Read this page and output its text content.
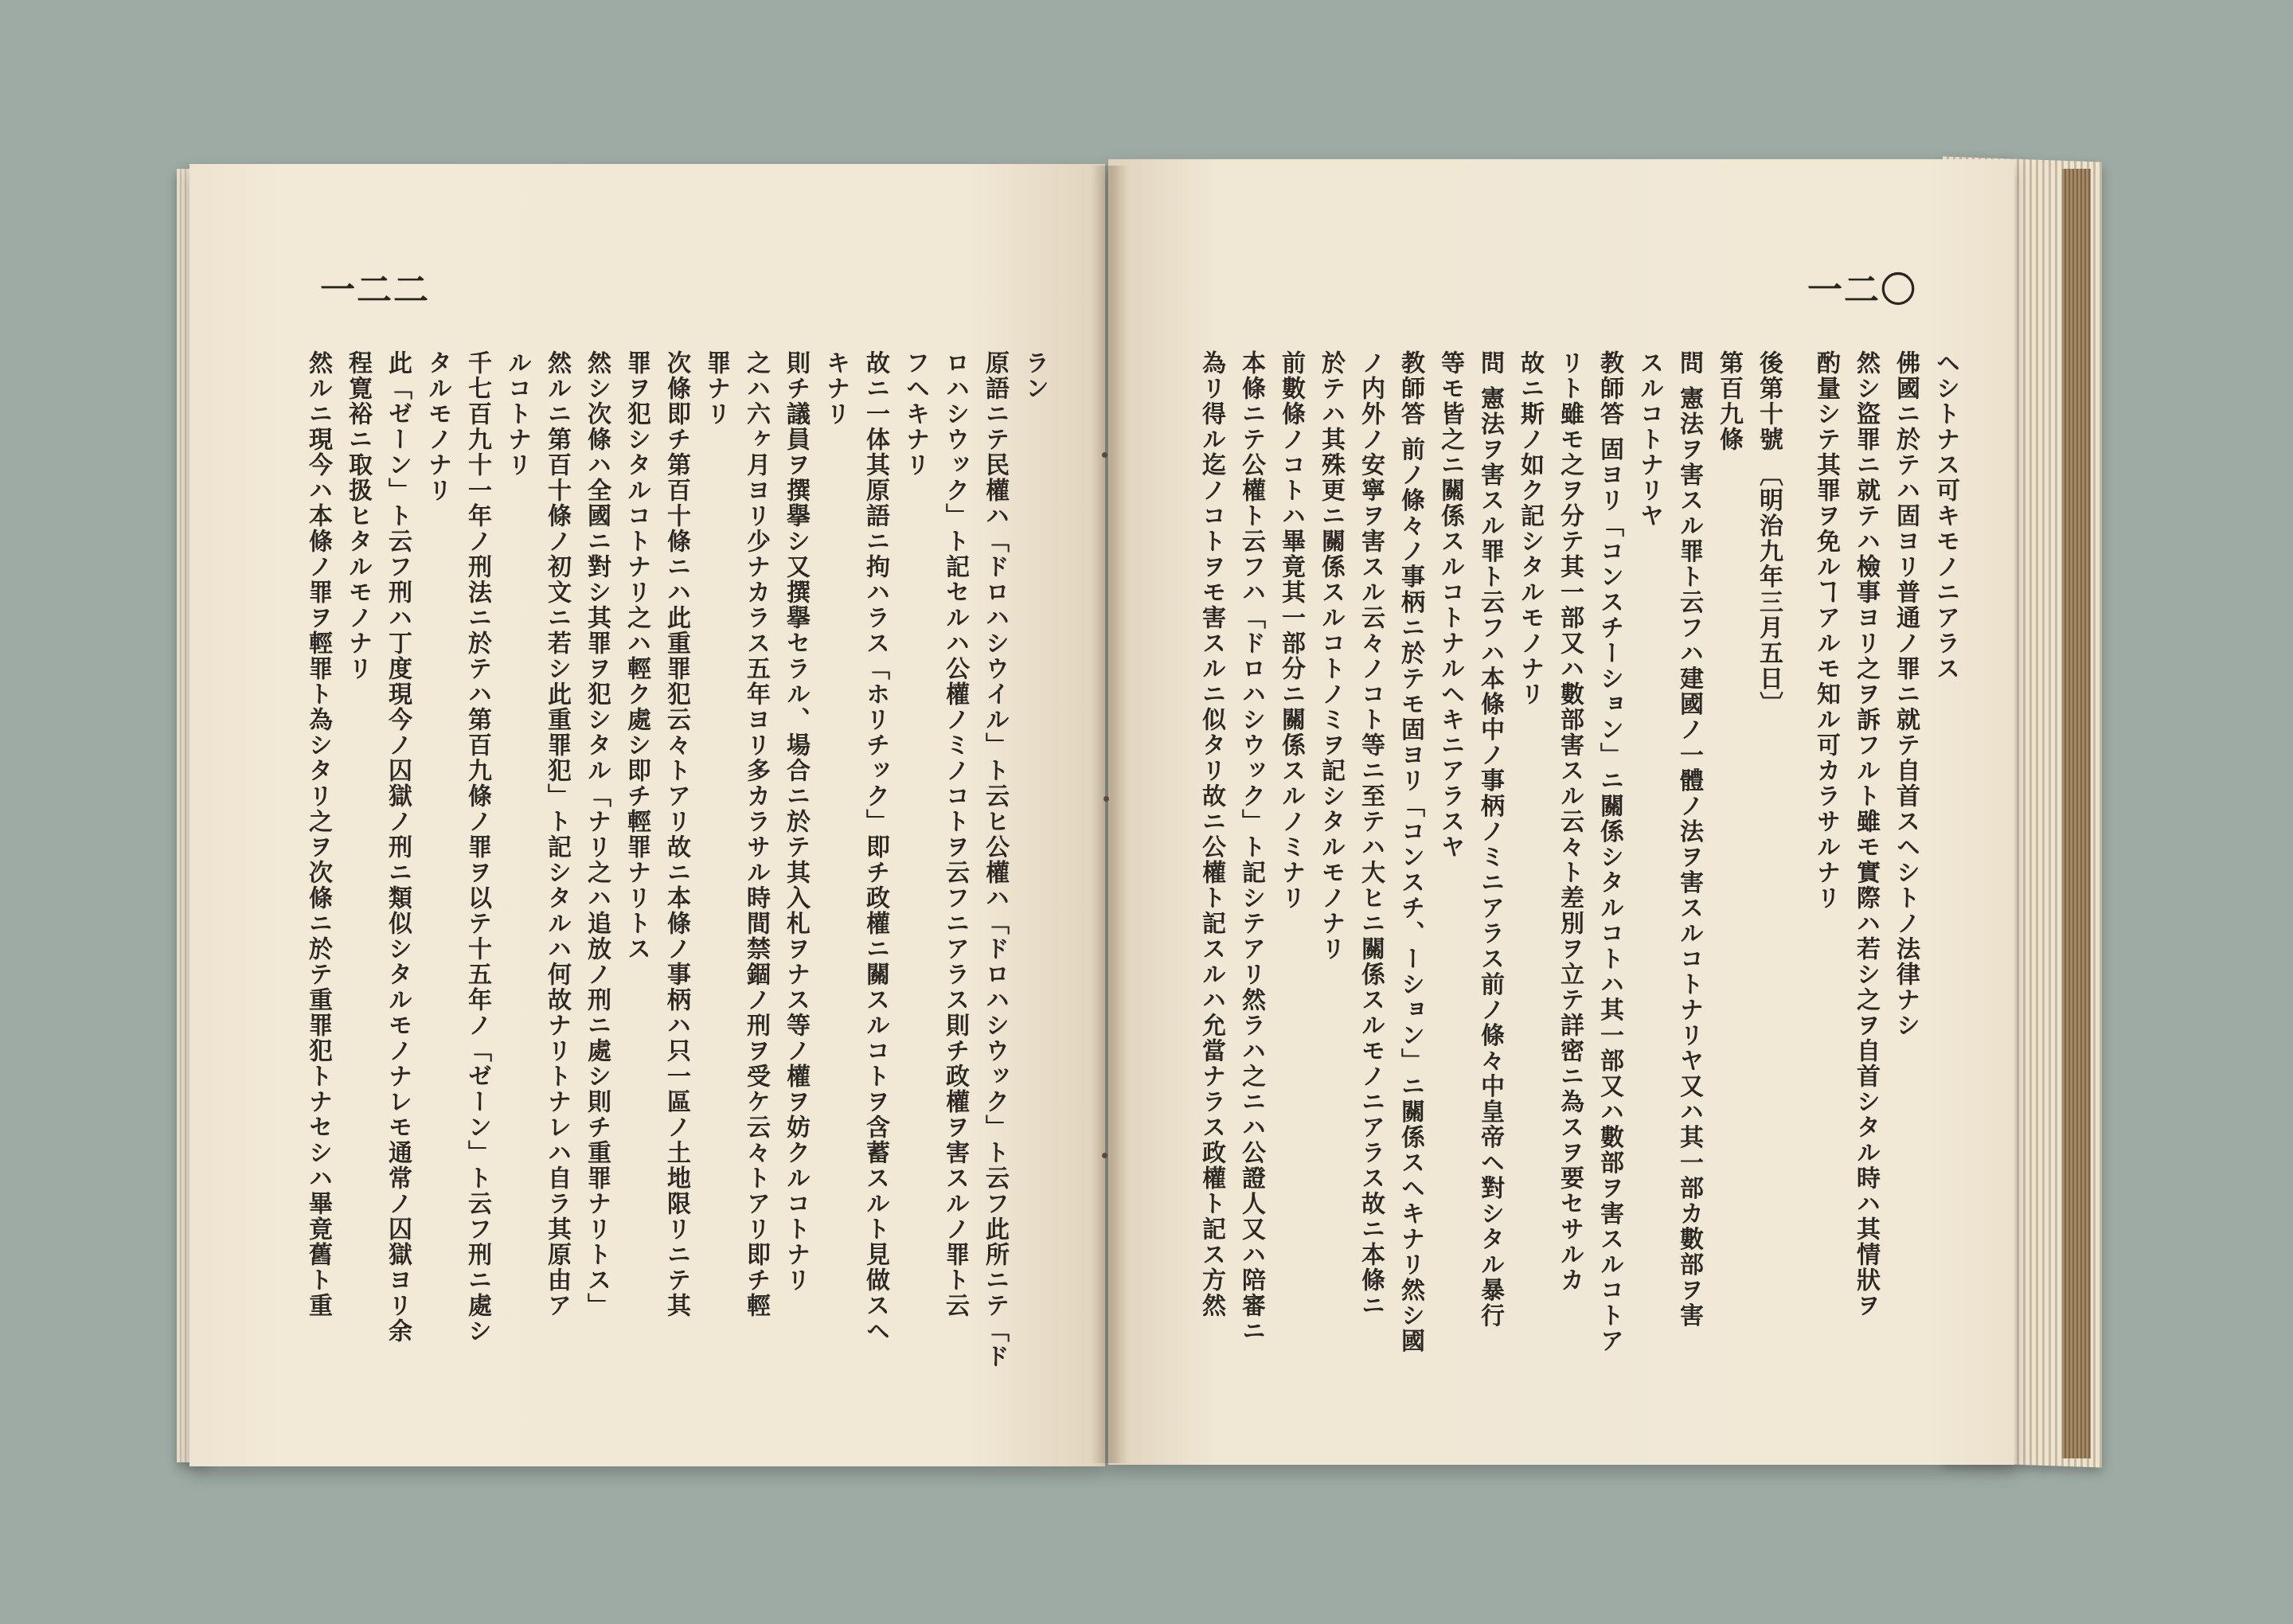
一二二	一二〇
ヘシトナス可キモノニアラス
佛國ニ於テハ固ヨリ普通ノ罪ニ就テ自首スヘシトノ法律ナシ
然シ盜罪ニ就テハ檢事ヨリ之ヲ訴フルト雖モ實際ハ若シ之ヲ自首シタル時ハ其情狀ヲ
酌量シテ其罪ヲ免ルヿアルモ知ル可カラサルナリ
後第十號 〔明治九年三月五日〕
第百九條
問 憲法ヲ害スル罪ト云フハ建國ノ一體ノ法ヲ害スルコトナリヤ又ハ其一部カ數部ヲ害
スルコトナリヤ
教師答 固ヨリ「コンスチーション」ニ關係シタルコトハ其一部又ハ數部ヲ害スルコトア
リト雖モ之ヲ分テ其一部又ハ數部害スル云々ト差別ヲ立テ詳密ニ為スヲ要セサルカ
故ニ斯ノ如ク記シタルモノナリ
問 憲法ヲ害スル罪ト云フハ本條中ノ事柄ノミニアラス前ノ條々中皇帝ヘ對シタル暴行
等モ皆之ニ關係スルコトナルヘキニアラスヤ
教師答 前ノ條々ノ事柄ニ於テモ固ヨリ「コンスチ、ーション」ニ關係スヘキナリ然シ國
ノ内外ノ安寧ヲ害スル云々ノコト等ニ至テハ大ヒニ關係スルモノニアラス故ニ本條ニ
於テハ其殊更ニ關係スルコトノミヲ記シタルモノナリ
前數條ノコトハ畢竟其一部分ニ關係スルノミナリ
本條ニテ公權ト云フハ「ドロハシウック」ト記シテアリ然ラハ之ニハ公證人又ハ陪審ニ
為リ得ル迄ノコトヲモ害スルニ似タリ故ニ公權ト記スルハ允當ナラス政權ト記ス方然
ラン
原語ニテ民權ハ「ドロハシウイル」ト云ヒ公權ハ「ドロハシウック」ト云フ此所ニテ「ド
ロハシウック」ト記セルハ公權ノミノコトヲ云フニアラス則チ政權ヲ害スルノ罪ト云
フヘキナリ
故ニ一体其原語ニ拘ハラス「ホリチック」即チ政權ニ關スルコトヲ含蓄スルト見做スヘ
キナリ
則チ議員ヲ撰擧シ又撰擧セラル、場合ニ於テ其入札ヲナス等ノ權ヲ妨クルコトナリ
之ハ六ヶ月ヨリ少ナカラス五年ヨリ多カラサル時間禁錮ノ刑ヲ受ケ云々トアリ即チ輕
罪ナリ
次條即チ第百十條ニハ此重罪犯云々トアリ故ニ本條ノ事柄ハ只一區ノ土地限リニテ其
罪ヲ犯シタルコトナリ之ハ輕ク處シ即チ輕罪ナリトス
然シ次條ハ全國ニ對シ其罪ヲ犯シタル「ナリ之ハ追放ノ刑ニ處シ則チ重罪ナリトス」
然ルニ第百十條ノ初文ニ若シ此重罪犯」ト記シタルハ何故ナリトナレハ自ラ其原由ア
ルコトナリ
千七百九十一年ノ刑法ニ於テハ第百九條ノ罪ヲ以テ十五年ノ「ゼーン」ト云フ刑ニ處シ
タルモノナリ
此「ゼーン」ト云フ刑ハ丁度現今ノ囚獄ノ刑ニ類似シタルモノナレモ通常ノ囚獄ヨリ余
程寛裕ニ取扱ヒタルモノナリ
然ルニ現今ハ本條ノ罪ヲ輕罪ト為シタリ之ヲ次條ニ於テ重罪犯トナセシハ畢竟舊ト重
